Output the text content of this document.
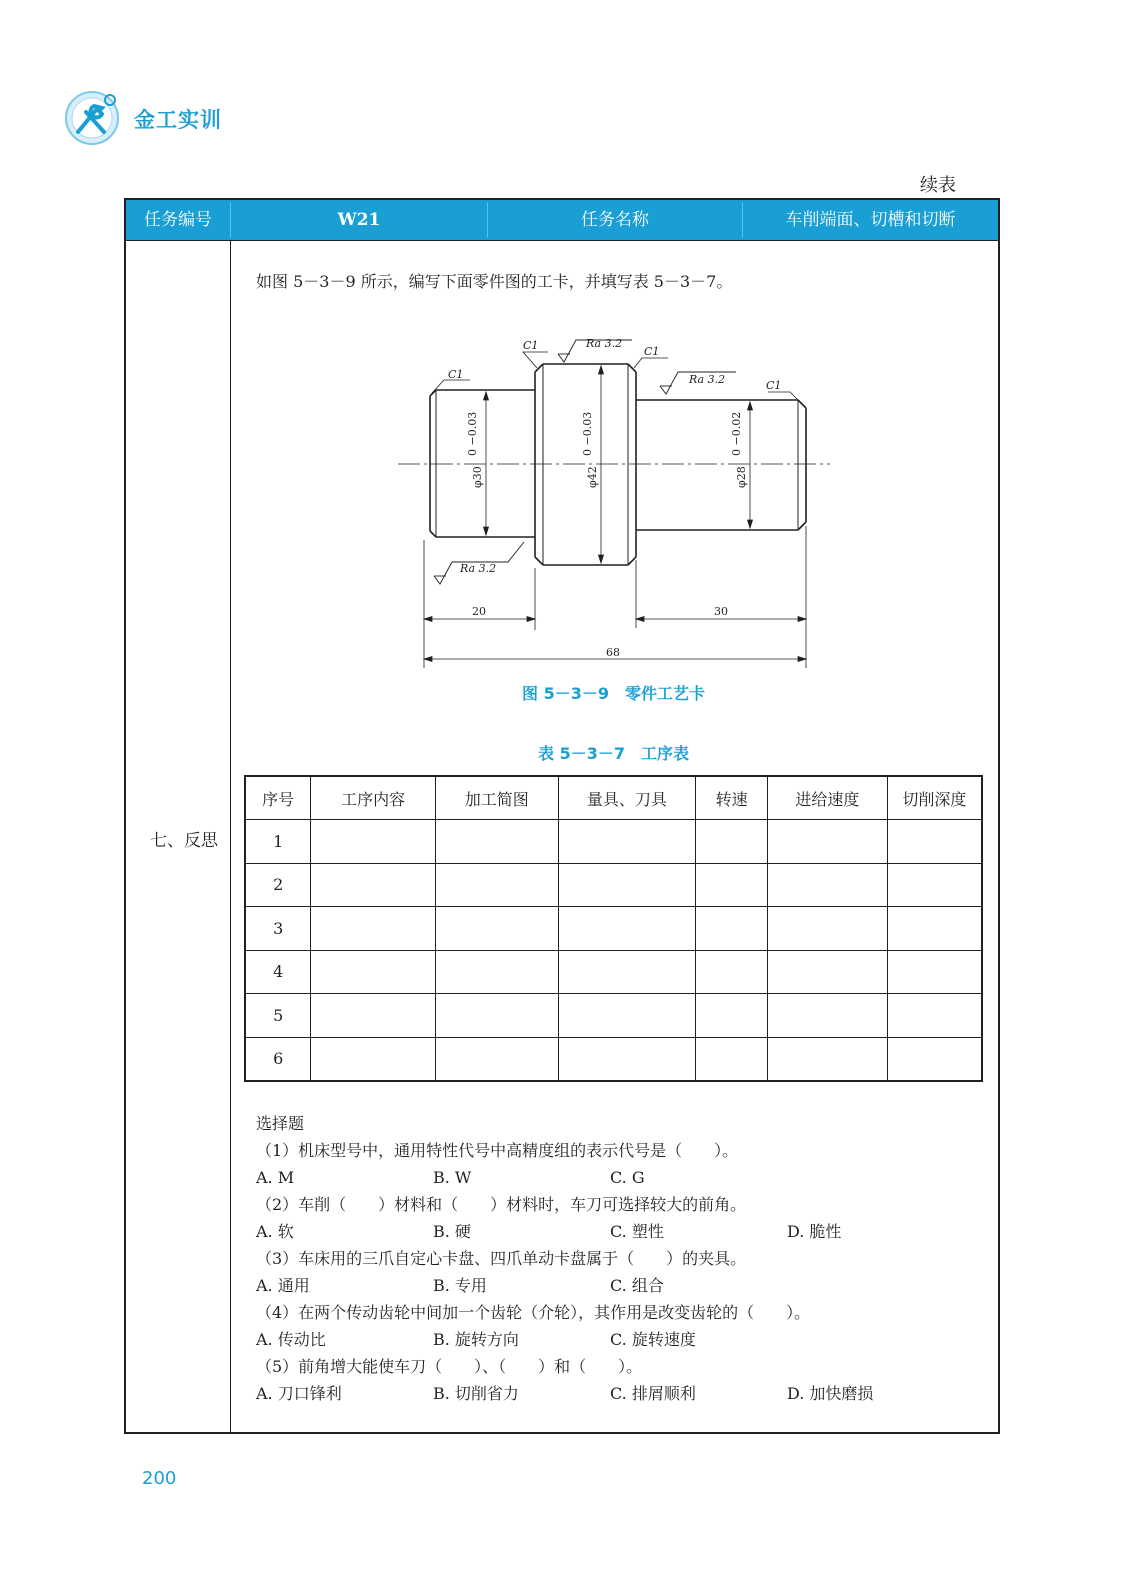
金工实训
续表
任务编号	W21	任务名称	车削端面、切槽和切断
七、反思
如图 5－3－9 所示，编写下面零件图的工卡，并填写表 5－3－7。
φ30
0 −0.03
φ42
0 −0.03
φ28
0 −0.02
C1
C1	C1
C1
Ra 3.2
Ra 3.2
Ra 3.2
20	30
68
图 5－3－9　零件工艺卡
表 5－3－7　工序表
序号	工序内容	加工简图	量具、刀具	转速	进给速度	切削深度
1						
2						
3						
4						
5						
6						
选择题
（1）机床型号中，通用特性代号中高精度组的表示代号是（　　）。
A. M	B. W	C. G
（2）车削（　　）材料和（　　）材料时，车刀可选择较大的前角。
A. 软	B. 硬	C. 塑性	D. 脆性
（3）车床用的三爪自定心卡盘、四爪单动卡盘属于（　　）的夹具。
A. 通用	B. 专用	C. 组合
（4）在两个传动齿轮中间加一个齿轮（介轮），其作用是改变齿轮的（　　）。
A. 传动比	B. 旋转方向	C. 旋转速度
（5）前角增大能使车刀（　　）、（　　）和（　　）。
A. 刀口锋利	B. 切削省力	C. 排屑顺利	D. 加快磨损
200
